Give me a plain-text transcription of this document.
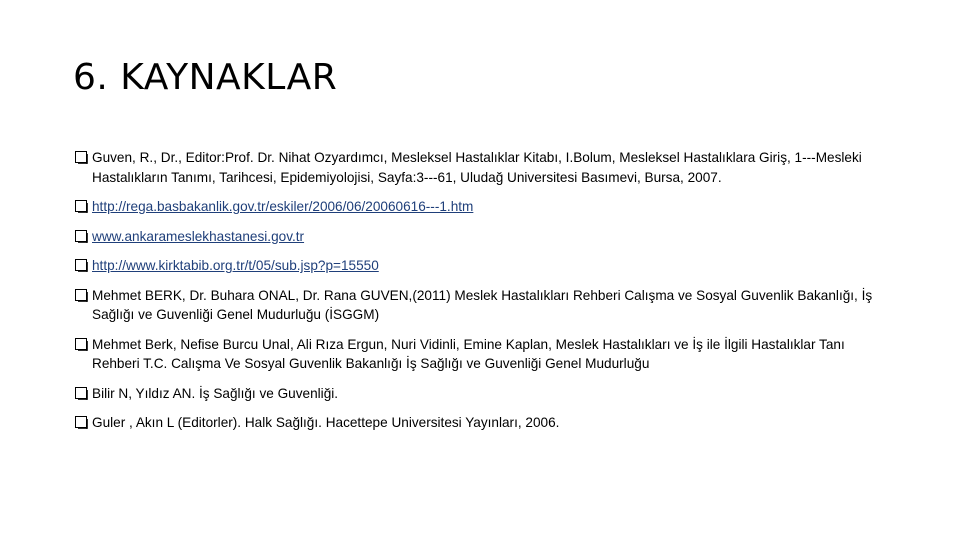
6. KAYNAKLAR
Guven, R., Dr., Editor:Prof. Dr. Nihat Ozyardımcı, Mesleksel Hastalıklar Kitabı, I.Bolum, Mesleksel Hastalıklara Giriş, 1---Mesleki Hastalıkların Tanımı, Tarihcesi, Epidemiyolojisi, Sayfa:3---61, Uludağ Universitesi Basımevi, Bursa, 2007.
http://rega.basbakanlik.gov.tr/eskiler/2006/06/20060616---1.htm
www.ankarameslekhastanesi.gov.tr
http://www.kirktabib.org.tr/t/05/sub.jsp?p=15550
Mehmet BERK, Dr. Buhara ONAL, Dr. Rana GUVEN,(2011) Meslek Hastalıkları Rehberi Calışma ve Sosyal Guvenlik Bakanlığı, İş Sağlığı ve Guvenliği Genel Mudurluğu (İSGGM)
Mehmet Berk, Nefise Burcu Unal, Ali Rıza Ergun, Nuri Vidinli, Emine Kaplan, Meslek Hastalıkları ve İş ile İlgili Hastalıklar Tanı Rehberi T.C. Calışma Ve Sosyal Guvenlik Bakanlığı İş Sağlığı ve Guvenliği Genel Mudurluğu
Bilir N, Yıldız AN. İş Sağlığı ve Guvenliği.
Guler , Akın L (Editorler). Halk Sağlığı. Hacettepe Universitesi Yayınları, 2006.
